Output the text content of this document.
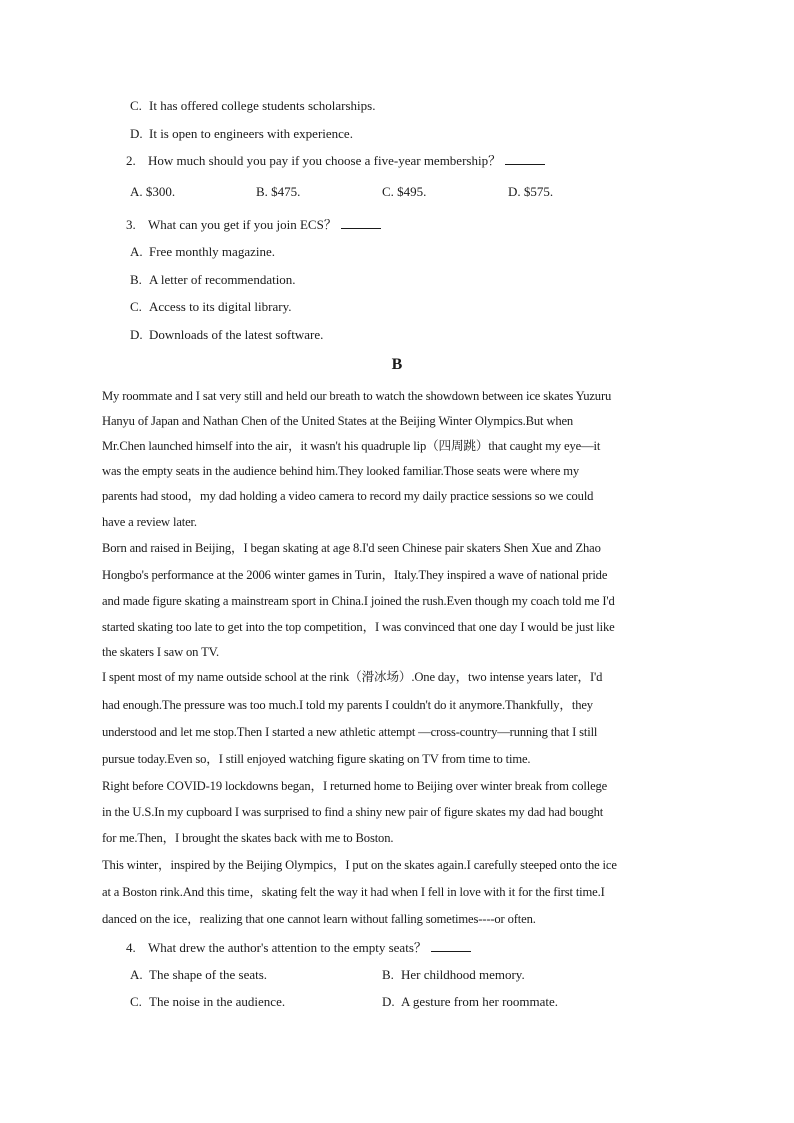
C. It has offered college students scholarships.
D. It is open to engineers with experience.
2. How much should you pay if you choose a five-year membership？
A. $300.	B. $475.	C. $495.	D. $575.
3. What can you get if you join ECS？
A. Free monthly magazine.
B. A letter of recommendation.
C. Access to its digital library.
D. Downloads of the latest software.
B
My roommate and I sat very still and held our breath to watch the showdown between ice skates Yuzuru
Hanyu of Japan and Nathan Chen of the United States at the Beijing Winter Olympics.But when
Mr.Chen launched himself into the air，it wasn't his quadruple lip（四周跳）that caught my eye—it
was the empty seats in the audience behind him.They looked familiar.Those seats were where my
parents had stood，my dad holding a video camera to record my daily practice sessions so we could
have a review later.
Born and raised in Beijing，I began skating at age 8.I'd seen Chinese pair skaters Shen Xue and Zhao
Hongbo's performance at the 2006 winter games in Turin，Italy.They inspired a wave of national pride
and made figure skating a mainstream sport in China.I joined the rush.Even though my coach told me I'd
started skating too late to get into the top competition，I was convinced that one day I would be just like
the skaters I saw on TV.
I spent most of my name outside school at the rink（滑冰场）.One day，two intense years later，I'd
had enough.The pressure was too much.I told my parents I couldn't do it anymore.Thankfully，they
understood and let me stop.Then I started a new athletic attempt —cross-country—running that I still
pursue today.Even so，I still enjoyed watching figure skating on TV from time to time.
Right before COVID-19 lockdowns began，I returned home to Beijing over winter break from college
in the U.S.In my cupboard I was surprised to find a shiny new pair of figure skates my dad had bought
for me.Then，I brought the skates back with me to Boston.
This winter，inspired by the Beijing Olympics，I put on the skates again.I carefully steeped onto the ice
at a Boston rink.And this time，skating felt the way it had when I fell in love with it for the first time.I
danced on the ice，realizing that one cannot learn without falling sometimes----or often.
4. What drew the author's attention to the empty seats？
A. The shape of the seats.	B. Her childhood memory.
C. The noise in the audience.	D. A gesture from her roommate.
